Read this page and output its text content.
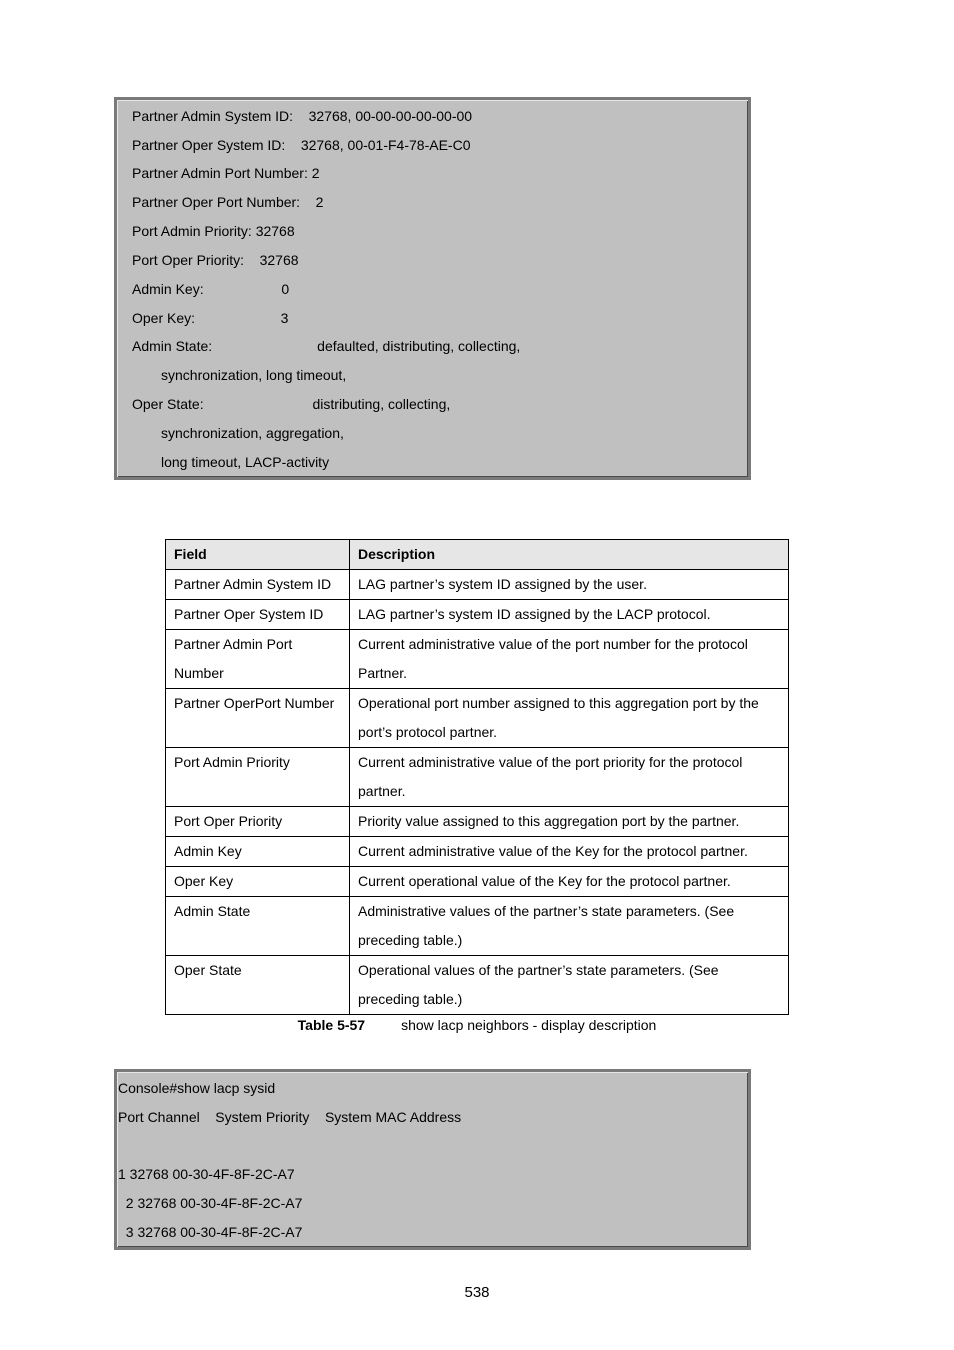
Partner Admin System ID:    32768, 00-00-00-00-00-00
Partner Oper System ID:    32768, 00-01-F4-78-AE-C0
Partner Admin Port Number: 2
Partner Oper Port Number:    2
Port Admin Priority: 32768
Port Oper Priority:    32768
Admin Key:                    0
Oper Key:                      3
Admin State:                           defaulted, distributing, collecting,
synchronization, long timeout,
Oper State:                            distributing, collecting,
synchronization, aggregation,
long timeout, LACP-activity
Field	Description
Partner Admin System ID	LAG partner’s system ID assigned by the user.
Partner Oper System ID	LAG partner’s system ID assigned by the LACP protocol.
Partner Admin Port Number	Current administrative value of the port number for the protocol Partner.
Partner OperPort Number	Operational port number assigned to this aggregation port by the port’s protocol partner.
Port Admin Priority	Current administrative value of the port priority for the protocol partner.
Port Oper Priority	Priority value assigned to this aggregation port by the partner.
Admin Key	Current administrative value of the Key for the protocol partner.
Oper Key	Current operational value of the Key for the protocol partner.
Admin State	Administrative values of the partner’s state parameters. (See preceding table.)
Oper State	Operational values of the partner’s state parameters. (See preceding table.)
Table 5-57	show lacp neighbors - display description
Console#show lacp sysid
Port Channel    System Priority    System MAC Address
1 32768 00-30-4F-8F-2C-A7
2 32768 00-30-4F-8F-2C-A7
3 32768 00-30-4F-8F-2C-A7
538
